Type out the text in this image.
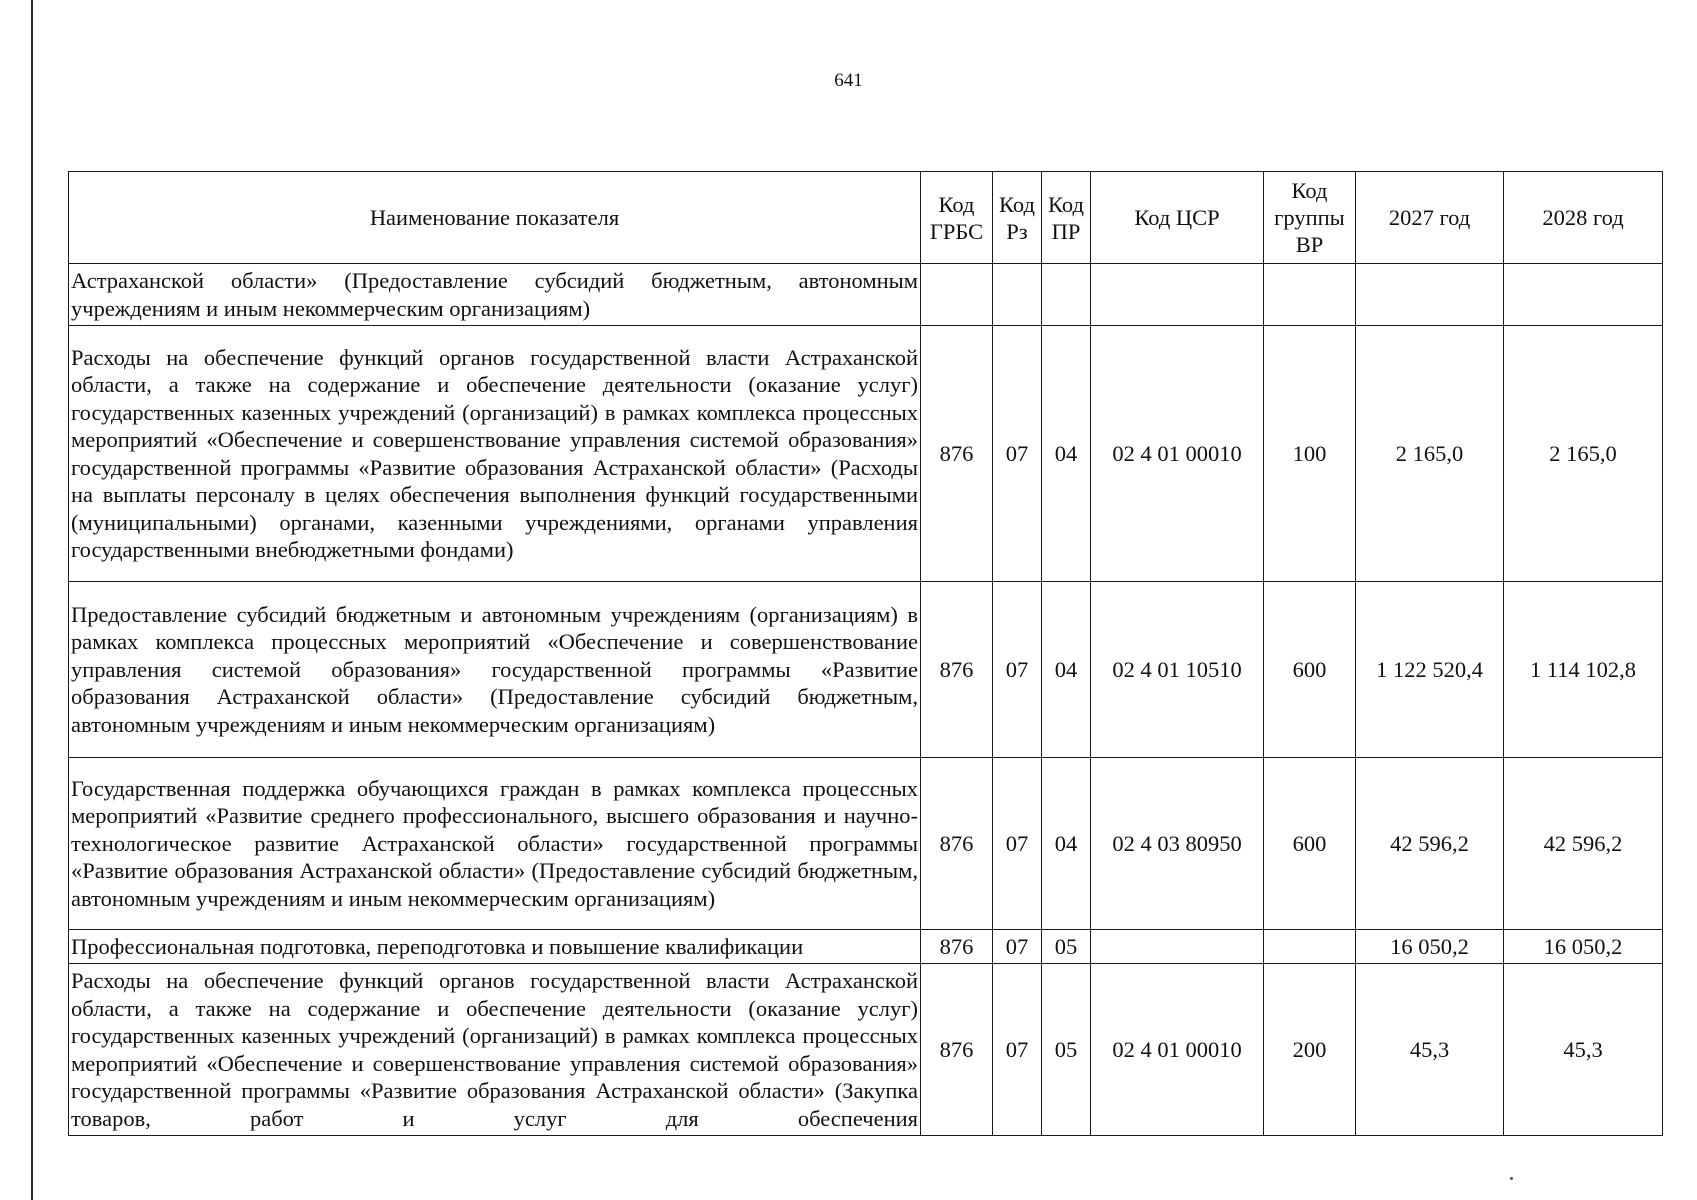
641
Наименование показателя	Код ГРБС	Код Рз	Код ПР	Код ЦСР	Код группы ВР	2027 год	2028 год
Астраханской области» (Предоставление субсидий бюджетным, автономным учреждениям и иным некоммерческим организациям)							
Расходы на обеспечение функций органов государственной власти Астраханской области, а также на содержание и обеспечение деятельности (оказание услуг) государственных казенных учреждений (организаций) в рамках комплекса процессных мероприятий «Обеспечение и совершенствование управления системой образования» государственной программы «Развитие образования Астраханской области» (Расходы на выплаты персоналу в целях обеспечения выполнения функций государственными (муниципальными) органами, казенными учреждениями, органами управления государственными внебюджетными фондами)	876	07	04	02 4 01 00010	100	2 165,0	2 165,0
Предоставление субсидий бюджетным и автономным учреждениям (организациям) в рамках комплекса процессных мероприятий «Обеспечение и совершенствование управления системой образования» государственной программы «Развитие образования Астраханской области» (Предоставление субсидий бюджетным, автономным учреждениям и иным некоммерческим организациям)	876	07	04	02 4 01 10510	600	1 122 520,4	1 114 102,8
Государственная поддержка обучающихся граждан в рамках комплекса процессных мероприятий «Развитие среднего профессионального, высшего образования и научно-технологическое развитие Астраханской области» государственной программы «Развитие образования Астраханской области» (Предоставление субсидий бюджетным, автономным учреждениям и иным некоммерческим организациям)	876	07	04	02 4 03 80950	600	42 596,2	42 596,2
Профессиональная подготовка, переподготовка и повышение квалификации	876	07	05			16 050,2	16 050,2
Расходы на обеспечение функций органов государственной власти Астраханской области, а также на содержание и обеспечение деятельности (оказание услуг) государственных казенных учреждений (организаций) в рамках комплекса процессных мероприятий «Обеспечение и совершенствование управления системой образования» государственной программы «Развитие образования Астраханской области» (Закупка товаров, работ и услуг для обеспечения	876	07	05	02 4 01 00010	200	45,3	45,3
